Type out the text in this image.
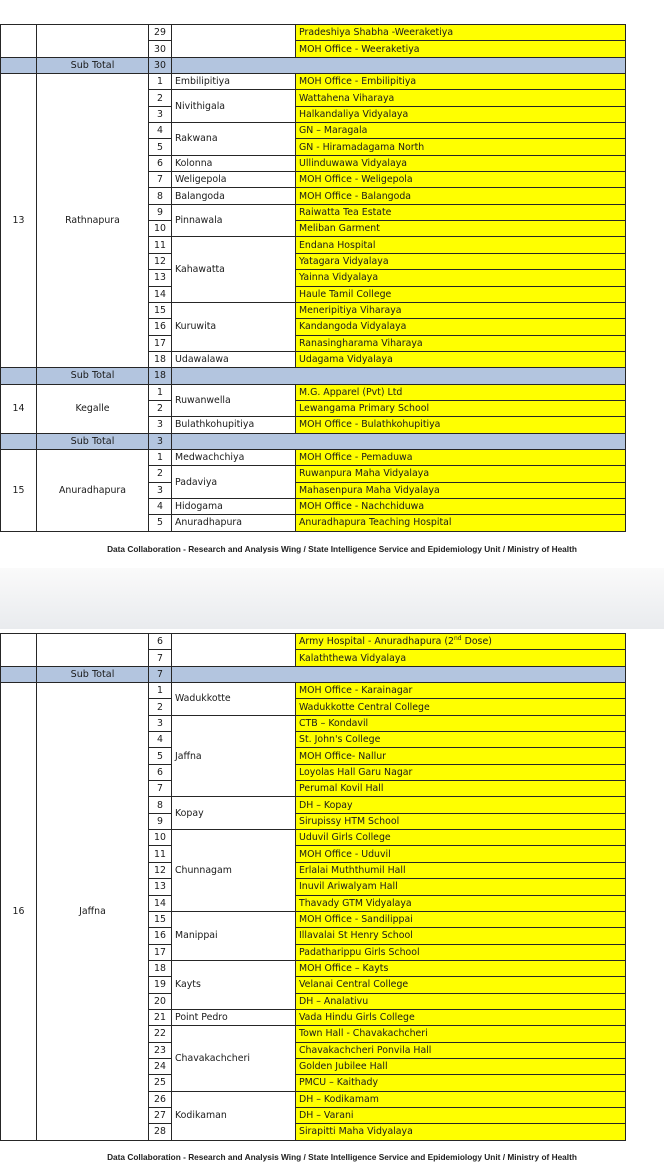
		29		Pradeshiya Shabha -Weeraketiya
		30		MOH Office - Weeraketiya
	Sub Total	30		
13	Rathnapura	1	Embilipitiya	MOH Office - Embilipitiya
		2	Nivithigala	Wattahena Viharaya
		3		Halkandaliya Vidyalaya
		4	Rakwana	GN – Maragala
		5		GN - Hiramadagama North
		6	Kolonna	Ullinduwawa Vidyalaya
		7	Weligepola	MOH Office - Weligepola
		8	Balangoda	MOH Office - Balangoda
		9	Pinnawala	Raiwatta Tea Estate
		10		Meliban Garment
		11	Kahawatta	Endana Hospital
		12		Yatagara Vidyalaya
		13		Yainna Vidyalaya
		14		Haule Tamil College
		15	Kuruwita	Meneripitiya Viharaya
		16		Kandangoda Vidyalaya
		17		Ranasingharama Viharaya
		18	Udawalawa	Udagama Vidyalaya
	Sub Total	18		
14	Kegalle	1	Ruwanwella	M.G. Apparel (Pvt) Ltd
		2		Lewangama Primary School
		3	Bulathkohupitiya	MOH Office - Bulathkohupitiya
	Sub Total	3		
15	Anuradhapura	1	Medwachchiya	MOH Office - Pemaduwa
		2	Padaviya	Ruwanpura Maha Vidyalaya
		3		Mahasenpura Maha Vidyalaya
		4	Hidogama	MOH Office - Nachchiduwa
		5	Anuradhapura	Anuradhapura Teaching Hospital
Data Collaboration - Research and Analysis Wing / State Intelligence Service and Epidemiology Unit / Ministry of Health
		6		Army Hospital - Anuradhapura (2nd Dose)
		7		Kalaththewa Vidyalaya
	Sub Total	7		
16	Jaffna	1	Wadukkotte	MOH Office - Karainagar
		2		Wadukkotte Central College
		3	Jaffna	CTB – Kondavil
		4		St. John's College
		5		MOH Office- Nallur
		6		Loyolas Hall Garu Nagar
		7		Perumal Kovil Hall
		8	Kopay	DH – Kopay
		9		Sirupissy HTM School
		10	Chunnagam	Uduvil Girls College
		11		MOH Office - Uduvil
		12		Erlalai Muththumil Hall
		13		Inuvil Ariwalyam Hall
		14		Thavady GTM Vidyalaya
		15	Manippai	MOH Office - Sandilippai
		16		Illavalai St Henry School
		17		Padatharippu Girls School
		18	Kayts	MOH Office – Kayts
		19		Velanai Central College
		20		DH – Analativu
		21	Point Pedro	Vada Hindu Girls College
		22	Chavakachcheri	Town Hall - Chavakachcheri
		23		Chavakachcheri Ponvila Hall
		24		Golden Jubilee Hall
		25		PMCU – Kaithady
		26	Kodikaman	DH – Kodikamam
		27		DH – Varani
		28		Sirapitti Maha Vidyalaya
Data Collaboration - Research and Analysis Wing / State Intelligence Service and Epidemiology Unit / Ministry of Health
